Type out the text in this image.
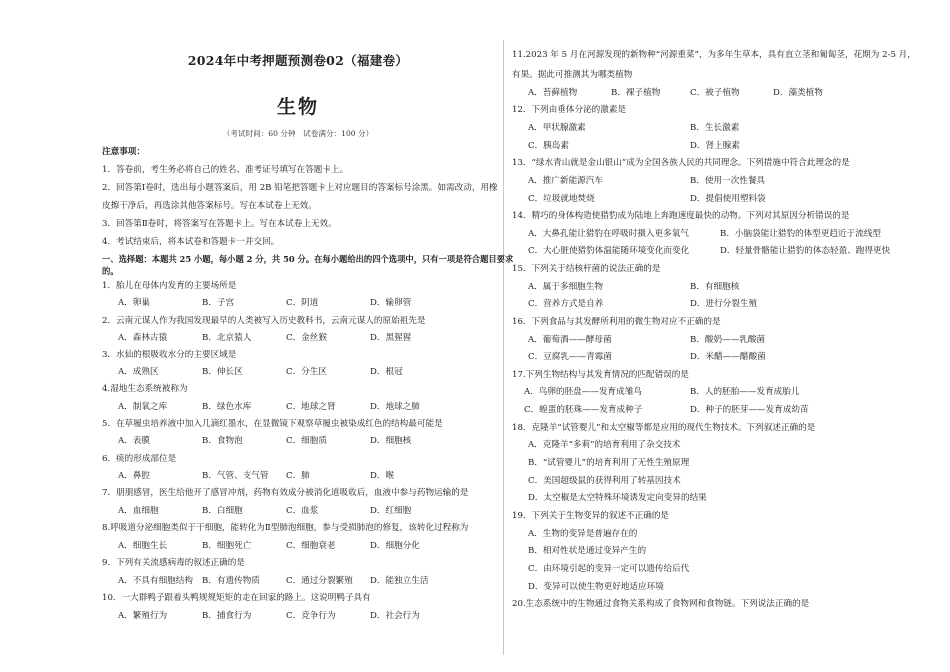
2024年中考押题预测卷02（福建卷）
生物
（考试时间：60 分钟　试卷满分：100 分）
注意事项：
1．答卷前，考生务必将自己的姓名、准考证号填写在答题卡上。
2．回答第Ⅰ卷时，选出每小题答案后，用 2B 铅笔把答题卡上对应题目的答案标号涂黑。如需改动，用橡
皮擦干净后，再选涂其他答案标号。写在本试卷上无效。
3．回答第Ⅱ卷时，将答案写在答题卡上。写在本试卷上无效。
4．考试结束后，将本试卷和答题卡一并交回。
一、选择题：本题共 25 小题，每小题 2 分，共 50 分。在每小题给出的四个选项中，只有一项是符合题目要求
的。
1．胎儿在母体内发育的主要场所是
A．卵巢	B．子宫	C．阴道	D．输卵管
2．云南元谋人作为我国发现最早的人类被写入历史教科书，云南元谋人的原始祖先是
A．森林古猿	B．北京猿人	C．金丝猴	D．黑猩猩
3．水仙的根吸收水分的主要区域是
A．成熟区	B．伸长区	C．分生区	D．根冠
4.湿地生态系统被称为
A．制氧之库	B．绿色水库	C．地球之肾	D．地球之肺
5．在草履虫培养液中加入几滴红墨水，在显微镜下观察草履虫被染成红色的结构最可能是
A．表膜	B．食物泡	C．细胞质	D．细胞核
6．痰的形成部位是
A．鼻腔	B．气管、支气管	C．肺	D．喉
7．朋朋感冒，医生给他开了感冒冲剂，药物有效成分被消化道吸收后，血液中参与药物运输的是
A．血细胞	B．白细胞	C．血浆	D．红细胞
8.呼吸道分泌细胞类似于干细胞，能转化为Ⅱ型肺泡细胞，参与受损肺泡的修复，该转化过程称为
A．细胞生长	B．细胞死亡	C．细胞衰老	D．细胞分化
9．下列有关流感病毒的叙述正确的是
A．不具有细胞结构	B．有遗传物质	C．通过分裂繁殖	D．能独立生活
10．一大群鸭子跟着头鸭规规矩矩的走在回家的路上。这说明鸭子具有
A．繁殖行为	B．捕食行为	C．竞争行为	D．社会行为
11.2023 年 5 月在河源发现的新物种“河源重菜”，为多年生草本，具有直立茎和匍匐茎，花期为 2-5 月，
有果。据此可推测其为哪类植物
A．苔藓植物	B．裸子植物	C．被子植物	D．藻类植物
12．下列由垂体分泌的激素是
A．甲状腺激素	B．生长激素
C．胰岛素	D．肾上腺素
13．“绿水青山就是金山银山”成为全国各族人民的共同理念。下列措施中符合此理念的是
A．推广新能源汽车	B．使用一次性餐具
C．垃圾就地焚烧	D．提倡使用塑料袋
14．精巧的身体构造使猎豹成为陆地上奔跑速度最快的动物。下列对其原因分析错误的是
A．大鼻孔能让猎豹在呼吸时摄入更多氧气	B．小脑袋能让猎豹的体型更趋近于流线型
C．大心脏使猎豹体温能随环境变化而变化	D．轻量骨骼能让猎豹的体态轻盈、跑得更快
15．下列关于结核杆菌的说法正确的是
A．属于多细胞生物	B．有细胞核
C．营养方式是自养	D．进行分裂生殖
16．下列食品与其发酵所利用的微生物对应不正确的是
A．葡萄酒——酵母菌	B．酸奶——乳酸菌
C．豆腐乳——青霉菌	D．米醋——醋酸菌
17.下列生物结构与其发育情况的匹配错误的是
A．鸟卵的胚盘——发育成雏鸟	B．人的胚胎——发育成胎儿
C．蝗蛋的胚珠——发育成种子	D．种子的胚芽——发育成幼苗
18．克隆羊“试管婴儿”和太空椒等都是应用的现代生物技术。下列叙述正确的是
A．克隆羊“多莉”的培育利用了杂交技术
B．“试管婴儿”的培育利用了无性生殖原理
C．美国超级鼠的获得利用了转基因技术
D．太空椒是太空特殊环境诱发定向变异的结果
19．下列关于生物变异的叙述不正确的是
A．生物的变异是普遍存在的
B．相对性状是通过变异产生的
C．由环境引起的变异一定可以遗传给后代
D．变异可以使生物更好地适应环境
20.生态系统中的生物通过食物关系构成了食物网和食物链。下列说法正确的是
